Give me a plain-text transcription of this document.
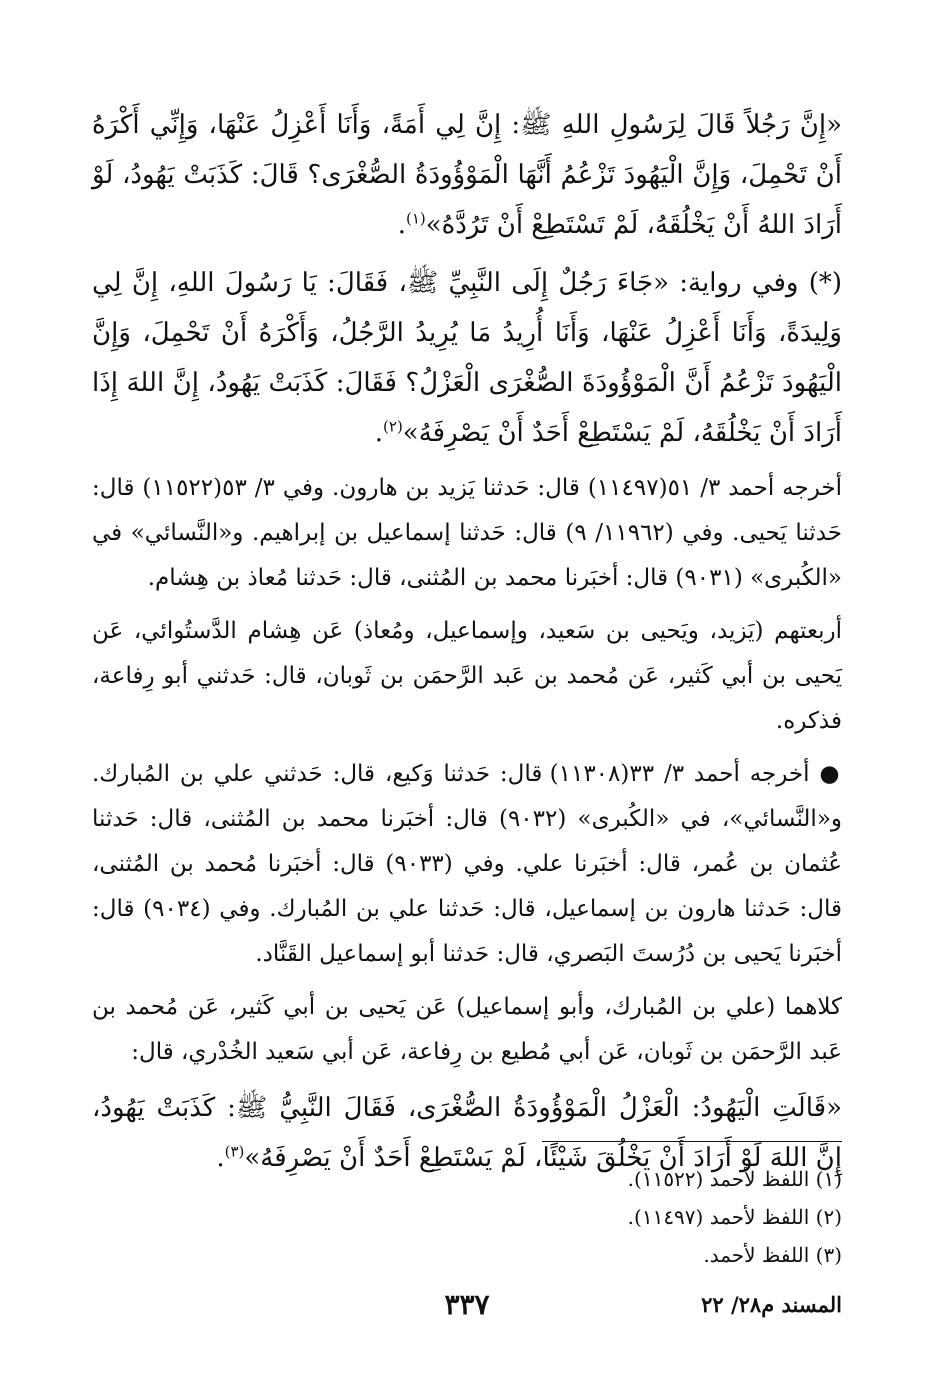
«إِنَّ رَجُلاً قَالَ لِرَسُولِ اللهِ ﷺ: إِنَّ لِي أَمَةً، وَأَنَا أَعْزِلُ عَنْهَا، وَإِنِّي أَكْرَهُ أَنْ تَحْمِلَ، وَإِنَّ الْيَهُودَ تَزْعُمُ أَنَّهَا الْمَوْؤُودَةُ الصُّغْرَى؟ قَالَ: كَذَبَتْ يَهُودُ، لَوْ أَرَادَ اللهُ أَنْ يَخْلُقَهُ، لَمْ تَسْتَطِعْ أَنْ تَرُدَّهُ»$^{(١)}$.

(*) وفي رواية: «جَاءَ رَجُلٌ إِلَى النَّبِيِّ ﷺ، فَقَالَ: يَا رَسُولَ اللهِ، إِنَّ لِي وَلِيدَةً، وَأَنَا أَعْزِلُ عَنْهَا، وَأَنَا أُرِيدُ مَا يُرِيدُ الرَّجُلُ، وَأَكْرَهُ أَنْ تَحْمِلَ، وَإِنَّ الْيَهُودَ تَزْعُمُ أَنَّ الْمَوْؤُودَةَ الصُّغْرَى الْعَزْلُ؟ فَقَالَ: كَذَبَتْ يَهُودُ، إِنَّ اللهَ إِذَا أَرَادَ أَنْ يَخْلُقَهُ، لَمْ يَسْتَطِعْ أَحَدٌ أَنْ يَصْرِفَهُ»$^{(٢)}$.

أخرجه أحمد ٣/ ٥١(١١٤٩٧) قال: حَدثنا يَزيد بن هارون. وفي ٣/ ٥٣(١١٥٢٢) قال: حَدثنا يَحيى. وفي (١١٩٦٢/ ٩) قال: حَدثنا إسماعيل بن إبراهيم. و«النَّسائي» في «الكُبرى» (٩٠٣١) قال: أخبَرنا محمد بن المُثنى، قال: حَدثنا مُعاذ بن هِشام.

أربعتهم (يَزيد، ويَحيى بن سَعيد، وإسماعيل، ومُعاذ) عَن هِشام الدَّستُوائي، عَن يَحيى بن أبي كَثير، عَن مُحمد بن عَبد الرَّحمَن بن ثَوبان، قال: حَدثني أبو رِفاعة، فذكره.

● أخرجه أحمد ٣/ ٣٣(١١٣٠٨) قال: حَدثنا وَكيع، قال: حَدثني علي بن المُبارك. و«النَّسائي»، في «الكُبرى» (٩٠٣٢) قال: أخبَرنا محمد بن المُثنى، قال: حَدثنا عُثمان بن عُمر، قال: أخبَرنا علي. وفي (٩٠٣٣) قال: أخبَرنا مُحمد بن المُثنى، قال: حَدثنا هارون بن إسماعيل، قال: حَدثنا علي بن المُبارك. وفي (٩٠٣٤) قال: أخبَرنا يَحيى بن دُرُستَ البَصري، قال: حَدثنا أبو إسماعيل القَنَّاد.

كلاهما (علي بن المُبارك، وأبو إسماعيل) عَن يَحيى بن أبي كَثير، عَن مُحمد بن عَبد الرَّحمَن بن ثَوبان، عَن أبي مُطيع بن رِفاعة، عَن أبي سَعيد الخُدْري، قال:

«قَالَتِ الْيَهُودُ: الْعَزْلُ الْمَوْؤُودَةُ الصُّغْرَى، فَقَالَ النَّبِيُّ ﷺ: كَذَبَتْ يَهُودُ، إِنَّ اللهَ لَوْ أَرَادَ أَنْ يَخْلُقَ شَيْئًا، لَمْ يَسْتَطِعْ أَحَدٌ أَنْ يَصْرِفَهُ»$^{(٣)}$.

(١) اللفظ لأحمد (١١٥٢٢).

(٢) اللفظ لأحمد (١١٤٩٧).

(٣) اللفظ لأحمد.

٣٣٧	المسند م٢٨/ ٢٢
